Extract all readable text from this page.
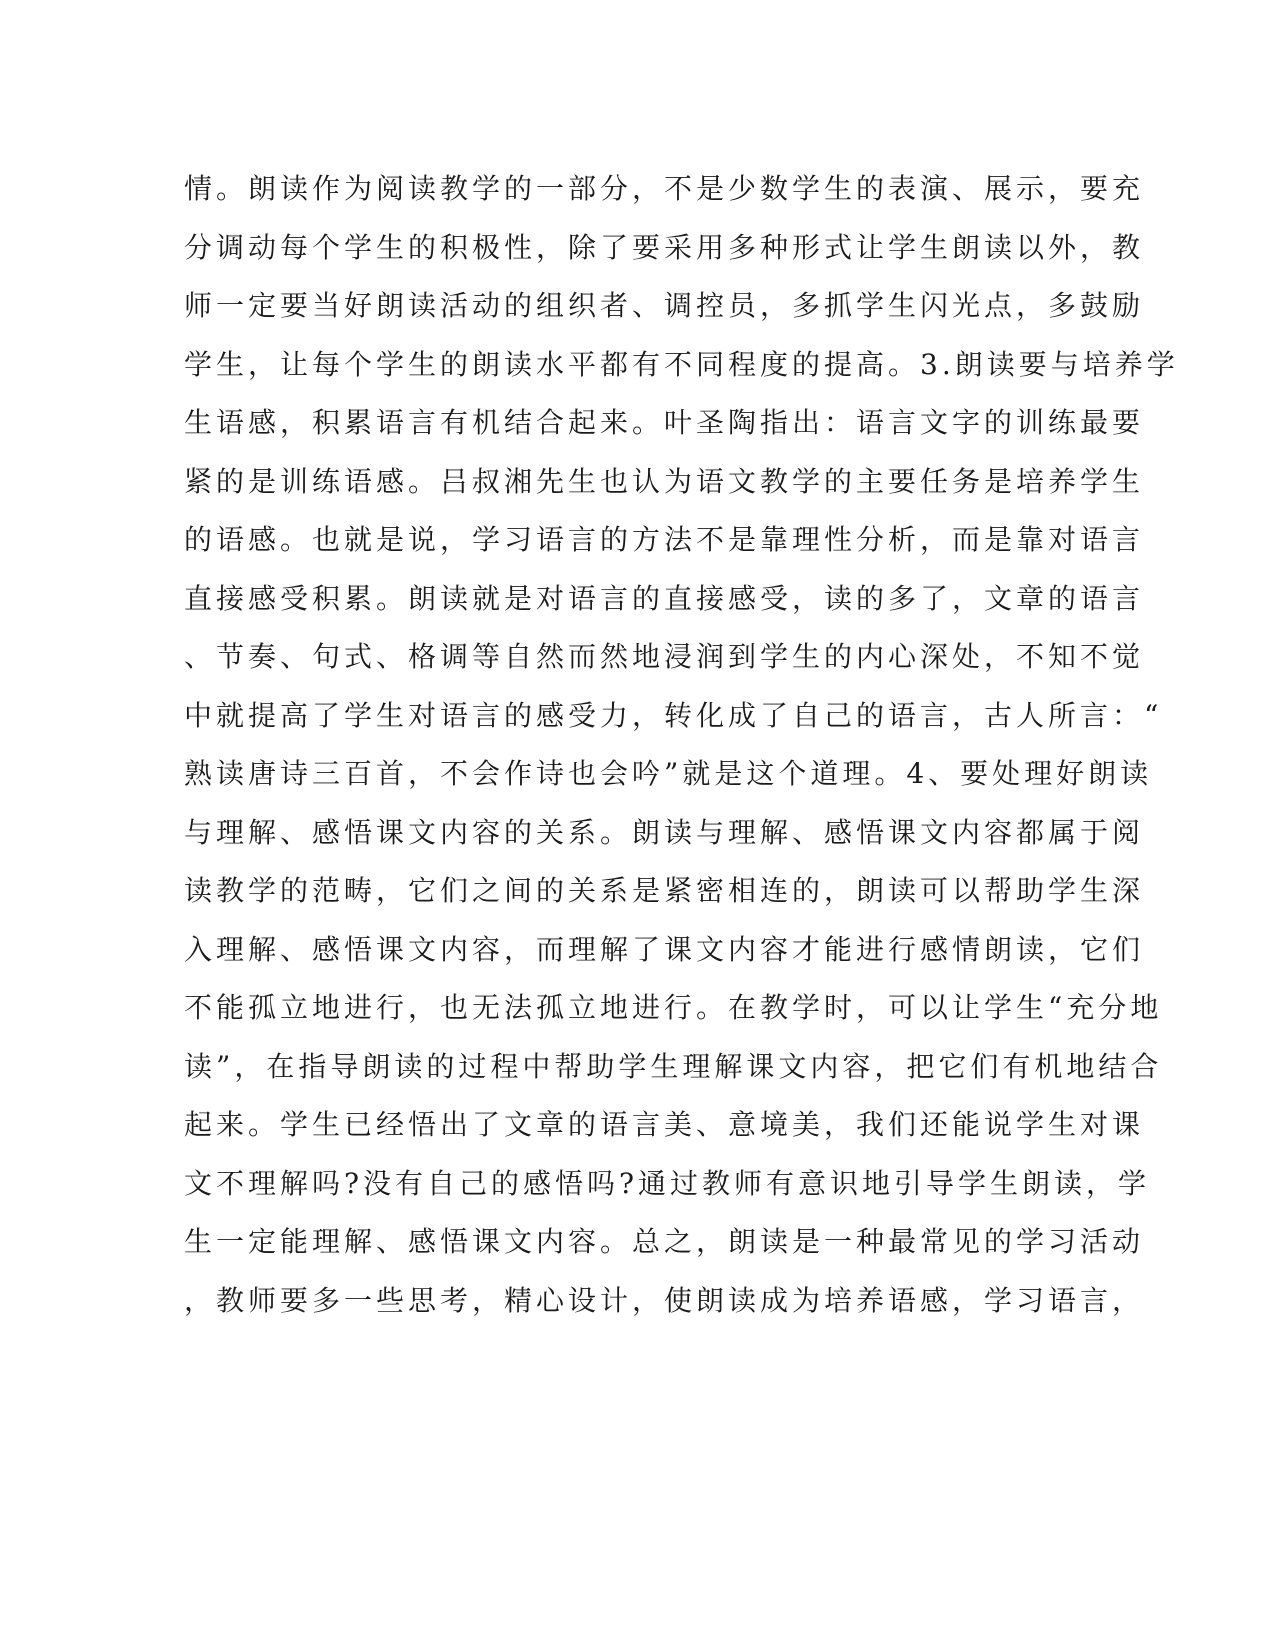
情。朗读作为阅读教学的一部分，不是少数学生的表演、展示，要充
分调动每个学生的积极性，除了要采用多种形式让学生朗读以外，教
师一定要当好朗读活动的组织者、调控员，多抓学生闪光点，多鼓励
学生，让每个学生的朗读水平都有不同程度的提高。3.朗读要与培养学
生语感，积累语言有机结合起来。叶圣陶指出：语言文字的训练最要
紧的是训练语感。吕叔湘先生也认为语文教学的主要任务是培养学生
的语感。也就是说，学习语言的方法不是靠理性分析，而是靠对语言
直接感受积累。朗读就是对语言的直接感受，读的多了，文章的语言
、节奏、句式、格调等自然而然地浸润到学生的内心深处，不知不觉
中就提高了学生对语言的感受力，转化成了自己的语言，古人所言：“
熟读唐诗三百首，不会作诗也会吟”就是这个道理。4、要处理好朗读
与理解、感悟课文内容的关系。朗读与理解、感悟课文内容都属于阅
读教学的范畴，它们之间的关系是紧密相连的，朗读可以帮助学生深
入理解、感悟课文内容，而理解了课文内容才能进行感情朗读，它们
不能孤立地进行，也无法孤立地进行。在教学时，可以让学生“充分地
读”，在指导朗读的过程中帮助学生理解课文内容，把它们有机地结合
起来。学生已经悟出了文章的语言美、意境美，我们还能说学生对课
文不理解吗?没有自己的感悟吗?通过教师有意识地引导学生朗读，学
生一定能理解、感悟课文内容。总之，朗读是一种最常见的学习活动
，教师要多一些思考，精心设计，使朗读成为培养语感，学习语言，
